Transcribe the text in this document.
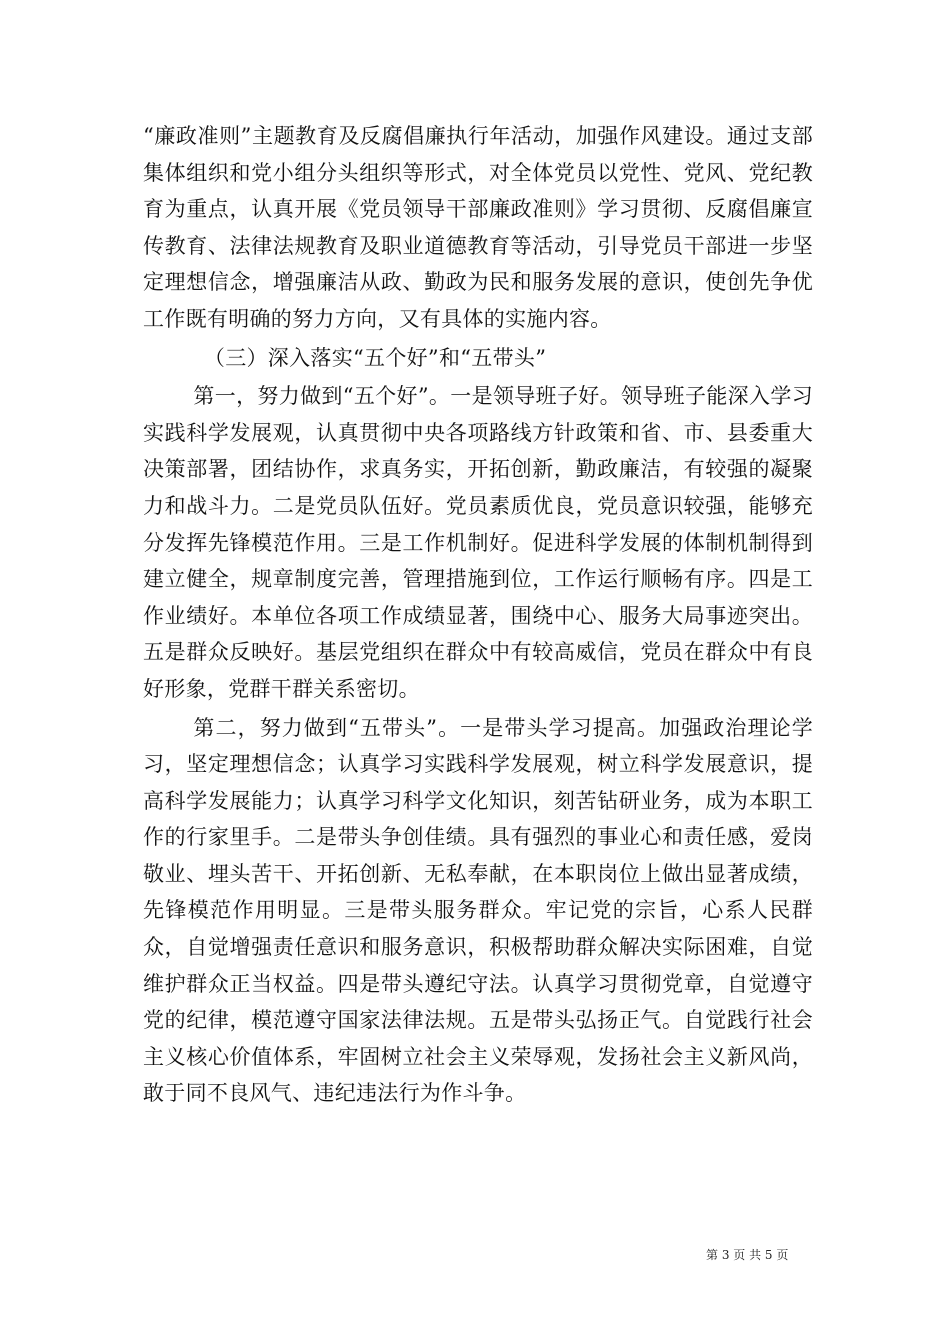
“廉政准则”主题教育及反腐倡廉执行年活动，加强作风建设。通过支部集体组织和党小组分头组织等形式，对全体党员以党性、党风、党纪教育为重点，认真开展《党员领导干部廉政准则》学习贯彻、反腐倡廉宣传教育、法律法规教育及职业道德教育等活动，引导党员干部进一步坚定理想信念，增强廉洁从政、勤政为民和服务发展的意识，使创先争优工作既有明确的努力方向，又有具体的实施内容。

（三）深入落实“五个好”和“五带头”

第一，努力做到“五个好”。一是领导班子好。领导班子能深入学习实践科学发展观，认真贯彻中央各项路线方针政策和省、市、县委重大决策部署，团结协作，求真务实，开拓创新，勤政廉洁，有较强的凝聚力和战斗力。二是党员队伍好。党员素质优良，党员意识较强，能够充分发挥先锋模范作用。三是工作机制好。促进科学发展的体制机制得到建立健全，规章制度完善，管理措施到位，工作运行顺畅有序。四是工作业绩好。本单位各项工作成绩显著，围绕中心、服务大局事迹突出。五是群众反映好。基层党组织在群众中有较高威信，党员在群众中有良好形象，党群干群关系密切。

第二，努力做到“五带头”。一是带头学习提高。加强政治理论学习，坚定理想信念；认真学习实践科学发展观，树立科学发展意识，提高科学发展能力；认真学习科学文化知识，刻苦钻研业务，成为本职工作的行家里手。二是带头争创佳绩。具有强烈的事业心和责任感，爱岗敬业、埋头苦干、开拓创新、无私奉献，在本职岗位上做出显著成绩，先锋模范作用明显。三是带头服务群众。牢记党的宗旨，心系人民群众，自觉增强责任意识和服务意识，积极帮助群众解决实际困难，自觉维护群众正当权益。四是带头遵纪守法。认真学习贯彻党章，自觉遵守党的纪律，模范遵守国家法律法规。五是带头弘扬正气。自觉践行社会主义核心价值体系，牢固树立社会主义荣辱观，发扬社会主义新风尚，敢于同不良风气、违纪违法行为作斗争。

第 3 页 共 5 页
